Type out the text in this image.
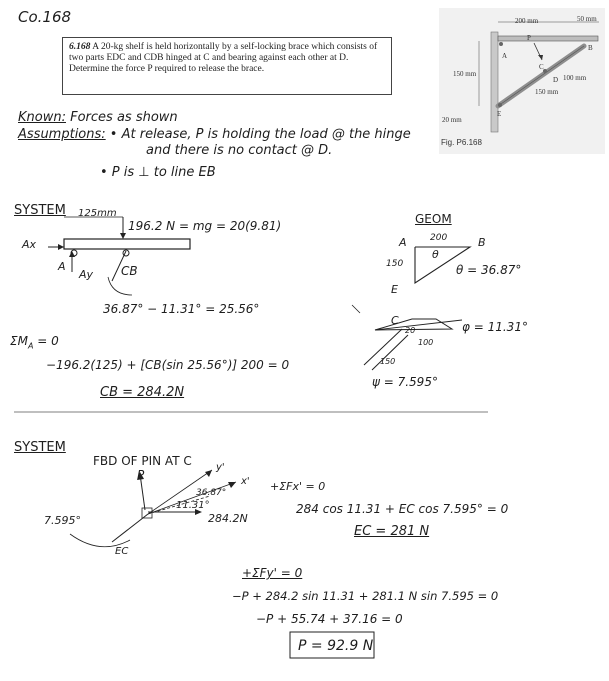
Co.168
6.168 A 20-kg shelf is held horizontally by a self-locking brace which consists of two parts EDC and CDB hinged at C and bearing against each other at D. Determine the force P required to release the brace.
200 mm	50 mm
150 mm
20 mm
100 mm
150 mm
A
B
C
D
E
P
Fig. P6.168
Known: Forces as shown
Assumptions: • At release, P is holding the load @ the hinge
and there is no contact @ D.
• P is ⊥ to line EB
SYSTEM 125mm
196.2 N = mg = 20(9.81)
Ax
A
Ay CB
36.87° − 11.31° = 25.56°
$\Sigma M_A = 0$
−196.2(125) + [CB(sin 25.56°)] 200 = 0
CB = 284.2N
GEOM
A	200	B
θ
150	θ = 36.87°
E
C
20
100
φ = 11.31°
150
ψ = 7.595°
SYSTEM
FBD OF PIN AT C
P
y'
x'
36.87°
11.31°
284.2N
7.595°
EC
+ΣFx' = 0
284 cos 11.31 + EC cos 7.595° = 0
EC = 281 N
+ΣFy' = 0
−P + 284.2 sin 11.31 + 281.1 N sin 7.595 = 0
−P + 55.74 + 37.16 = 0
P = 92.9 N
